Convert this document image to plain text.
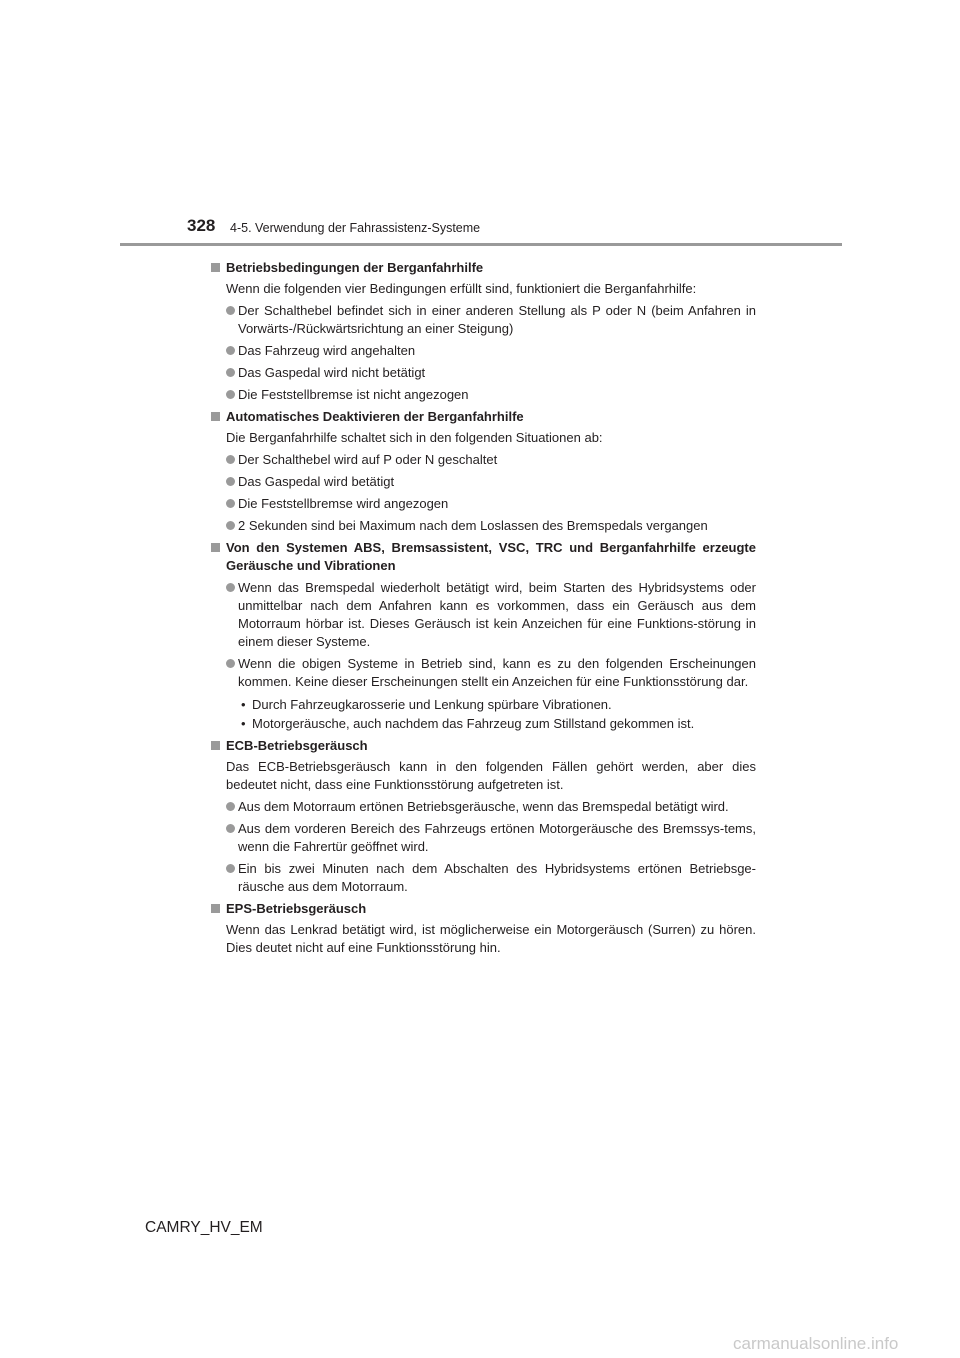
328 4-5. Verwendung der Fahrassistenz-Systeme
Betriebsbedingungen der Berganfahrhilfe
Wenn die folgenden vier Bedingungen erfüllt sind, funktioniert die Berganfahrhilfe:
Der Schalthebel befindet sich in einer anderen Stellung als P oder N (beim Anfahren in Vorwärts-/Rückwärtsrichtung an einer Steigung)
Das Fahrzeug wird angehalten
Das Gaspedal wird nicht betätigt
Die Feststellbremse ist nicht angezogen
Automatisches Deaktivieren der Berganfahrhilfe
Die Berganfahrhilfe schaltet sich in den folgenden Situationen ab:
Der Schalthebel wird auf P oder N geschaltet
Das Gaspedal wird betätigt
Die Feststellbremse wird angezogen
2 Sekunden sind bei Maximum nach dem Loslassen des Bremspedals vergangen
Von den Systemen ABS, Bremsassistent, VSC, TRC und Berganfahrhilfe erzeugte Geräusche und Vibrationen
Wenn das Bremspedal wiederholt betätigt wird, beim Starten des Hybridsystems oder unmittelbar nach dem Anfahren kann es vorkommen, dass ein Geräusch aus dem Motorraum hörbar ist. Dieses Geräusch ist kein Anzeichen für eine Funktions-störung in einem dieser Systeme.
Wenn die obigen Systeme in Betrieb sind, kann es zu den folgenden Erscheinungen kommen. Keine dieser Erscheinungen stellt ein Anzeichen für eine Funktionsstörung dar.
• Durch Fahrzeugkarosserie und Lenkung spürbare Vibrationen.
• Motorgeräusche, auch nachdem das Fahrzeug zum Stillstand gekommen ist.
ECB-Betriebsgeräusch
Das ECB-Betriebsgeräusch kann in den folgenden Fällen gehört werden, aber dies bedeutet nicht, dass eine Funktionsstörung aufgetreten ist.
Aus dem Motorraum ertönen Betriebsgeräusche, wenn das Bremspedal betätigt wird.
Aus dem vorderen Bereich des Fahrzeugs ertönen Motorgeräusche des Bremssys-tems, wenn die Fahrertür geöffnet wird.
Ein bis zwei Minuten nach dem Abschalten des Hybridsystems ertönen Betriebsge-räusche aus dem Motorraum.
EPS-Betriebsgeräusch
Wenn das Lenkrad betätigt wird, ist möglicherweise ein Motorgeräusch (Surren) zu hören. Dies deutet nicht auf eine Funktionsstörung hin.
CAMRY_HV_EM
carmanualsonline.info
